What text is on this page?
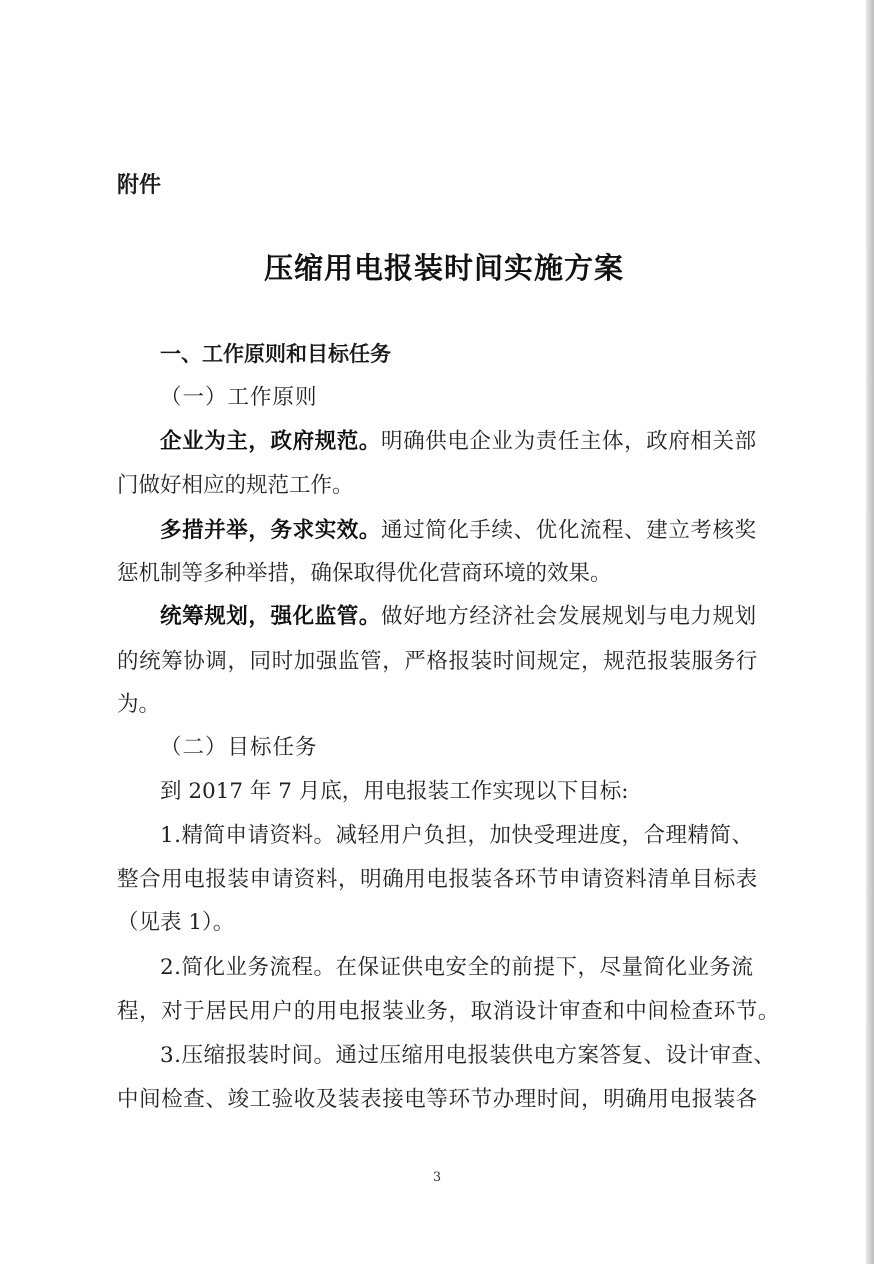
附件
压缩用电报装时间实施方案
一、工作原则和目标任务
（一）工作原则
企业为主，政府规范。明确供电企业为责任主体，政府相关部
门做好相应的规范工作。
多措并举，务求实效。通过简化手续、优化流程、建立考核奖
惩机制等多种举措，确保取得优化营商环境的效果。
统筹规划，强化监管。做好地方经济社会发展规划与电力规划
的统筹协调，同时加强监管，严格报装时间规定，规范报装服务行
为。
（二）目标任务
到 2017 年 7 月底，用电报装工作实现以下目标:
1.精简申请资料。减轻用户负担，加快受理进度，合理精简、
整合用电报装申请资料，明确用电报装各环节申请资料清单目标表
（见表 1）。
2.简化业务流程。在保证供电安全的前提下，尽量简化业务流
程，对于居民用户的用电报装业务，取消设计审查和中间检查环节。
3.压缩报装时间。通过压缩用电报装供电方案答复、设计审查、
中间检查、竣工验收及装表接电等环节办理时间，明确用电报装各
3
